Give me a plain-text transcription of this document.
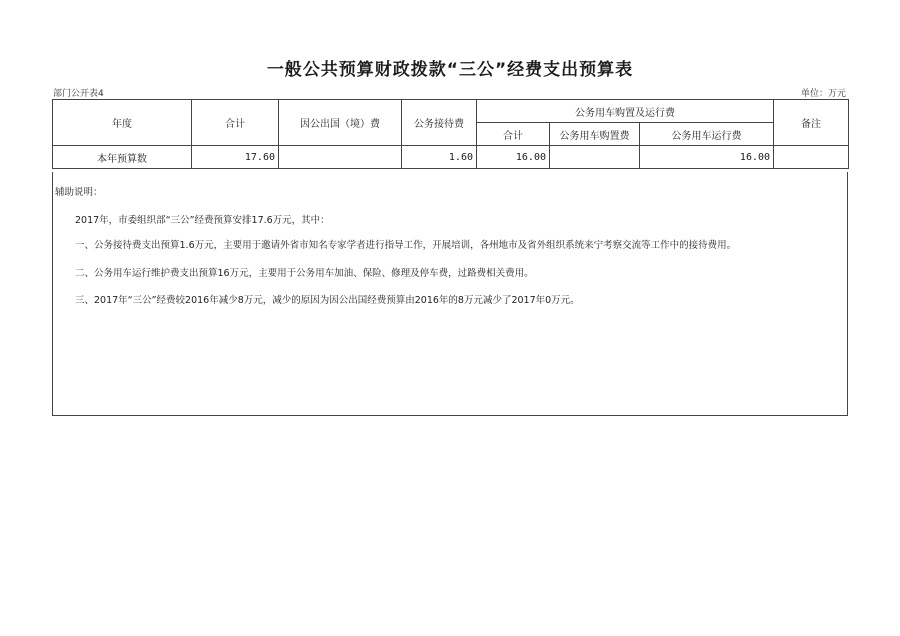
一般公共预算财政拨款“三公”经费支出预算表
部门公开表4	单位：万元
年度	合计	因公出国（境）费	公务接待费	公务用车购置及运行费			备注
				合计	公务用车购置费	公务用车运行费	
本年预算数	17.60		1.60	16.00		16.00	
辅助说明：
2017年，市委组织部“三公”经费预算安排17.6万元，其中：
一、公务接待费支出预算1.6万元，主要用于邀请外省市知名专家学者进行指导工作，开展培训，各州地市及省外组织系统来宁考察交流等工作中的接待费用。
二、公务用车运行维护费支出预算16万元，主要用于公务用车加油、保险、修理及停车费，过路费相关费用。
三、2017年“三公”经费较2016年减少8万元，减少的原因为因公出国经费预算由2016年的8万元减少了2017年0万元。
